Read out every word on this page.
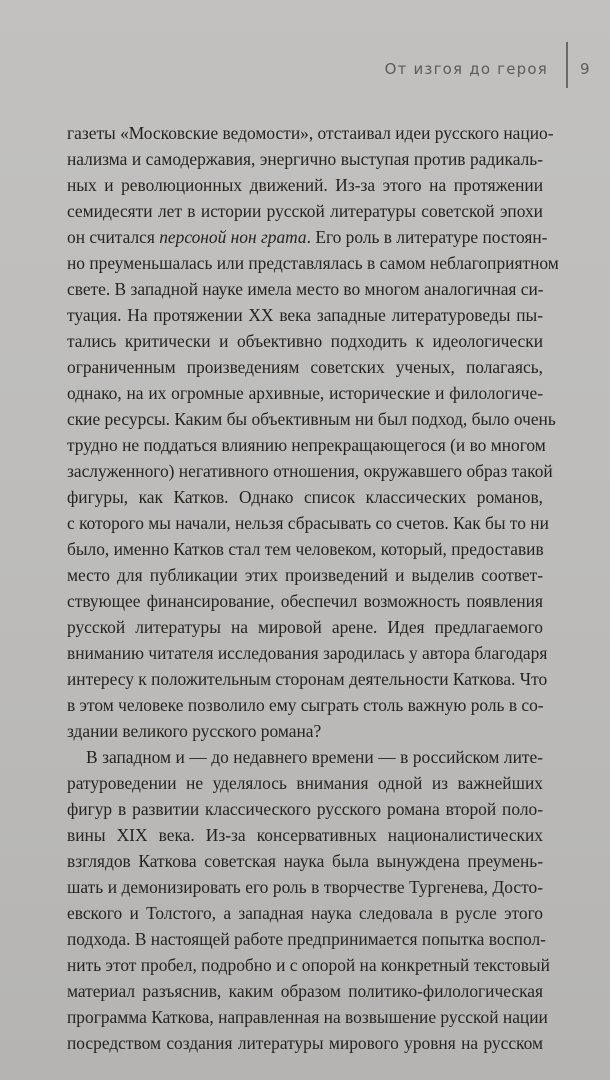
От изгоя до героя 9
газеты «Московские ведомости», отстаивал идеи русского нацио-
нализма и самодержавия, энергично выступая против радикаль-
ных и революционных движений. Из-за этого на протяжении
семидесяти лет в истории русской литературы советской эпохи
он считался персоной нон грата. Его роль в литературе постоян-
но преуменьшалась или представлялась в самом неблагоприятном
свете. В западной науке имела место во многом аналогичная си-
туация. На протяжении XX века западные литературоведы пы-
тались критически и объективно подходить к идеологически
ограниченным произведениям советских ученых, полагаясь,
однако, на их огромные архивные, исторические и филологиче-
ские ресурсы. Каким бы объективным ни был подход, было очень
трудно не поддаться влиянию непрекращающегося (и во многом
заслуженного) негативного отношения, окружавшего образ такой
фигуры, как Катков. Однако список классических романов,
с которого мы начали, нельзя сбрасывать со счетов. Как бы то ни
было, именно Катков стал тем человеком, который, предоставив
место для публикации этих произведений и выделив соответ-
ствующее финансирование, обеспечил возможность появления
русской литературы на мировой арене. Идея предлагаемого
вниманию читателя исследования зародилась у автора благодаря
интересу к положительным сторонам деятельности Каткова. Что
в этом человеке позволило ему сыграть столь важную роль в со-
здании великого русского романа?
В западном и — до недавнего времени — в российском лите-
ратуроведении не уделялось внимания одной из важнейших
фигур в развитии классического русского романа второй поло-
вины XIX века. Из-за консервативных националистических
взглядов Каткова советская наука была вынуждена преумень-
шать и демонизировать его роль в творчестве Тургенева, Досто-
евского и Толстого, а западная наука следовала в русле этого
подхода. В настоящей работе предпринимается попытка воспол-
нить этот пробел, подробно и с опорой на конкретный текстовый
материал разъяснив, каким образом политико-филологическая
программа Каткова, направленная на возвышение русской нации
посредством создания литературы мирового уровня на русском
